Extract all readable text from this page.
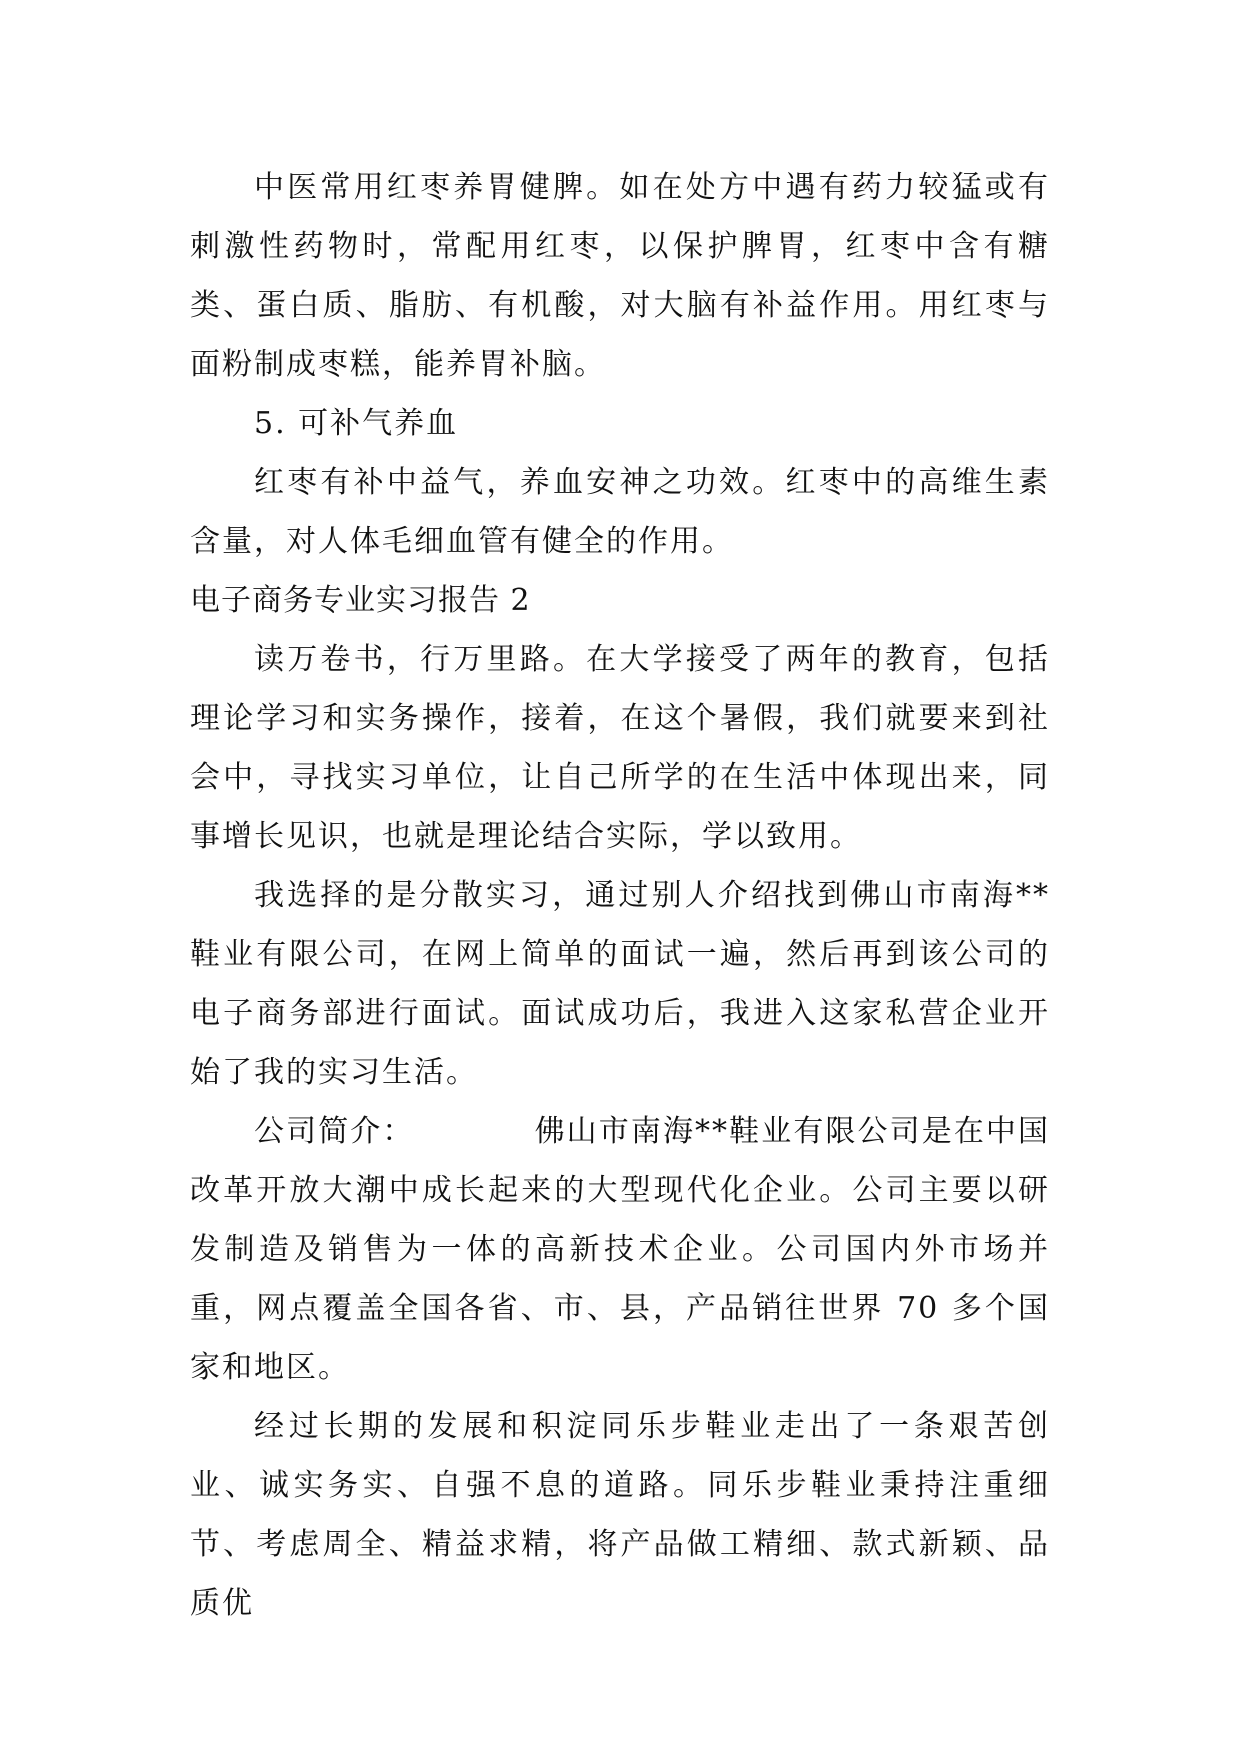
中医常用红枣养胃健脾。如在处方中遇有药力较猛或有刺激性药物时，常配用红枣，以保护脾胃，红枣中含有糖类、蛋白质、脂肪、有机酸，对大脑有补益作用。用红枣与面粉制成枣糕，能养胃补脑。

5. 可补气养血

红枣有补中益气，养血安神之功效。红枣中的高维生素含量，对人体毛细血管有健全的作用。

电子商务专业实习报告 2

读万卷书，行万里路。在大学接受了两年的教育，包括理论学习和实务操作，接着，在这个暑假，我们就要来到社会中，寻找实习单位，让自己所学的在生活中体现出来，同事增长见识，也就是理论结合实际，学以致用。

我选择的是分散实习，通过别人介绍找到佛山市南海**鞋业有限公司，在网上简单的面试一遍，然后再到该公司的电子商务部进行面试。面试成功后，我进入这家私营企业开始了我的实习生活。

公司简介：	佛山市南海**鞋业有限公司是在中国改革开放大潮中成长起来的大型现代化企业。公司主要以研发制造及销售为一体的高新技术企业。公司国内外市场并重，网点覆盖全国各省、市、县，产品销往世界 70 多个国家和地区。

经过长期的发展和积淀同乐步鞋业走出了一条艰苦创业、诚实务实、自强不息的道路。同乐步鞋业秉持注重细节、考虑周全、精益求精，将产品做工精细、款式新颖、品质优
